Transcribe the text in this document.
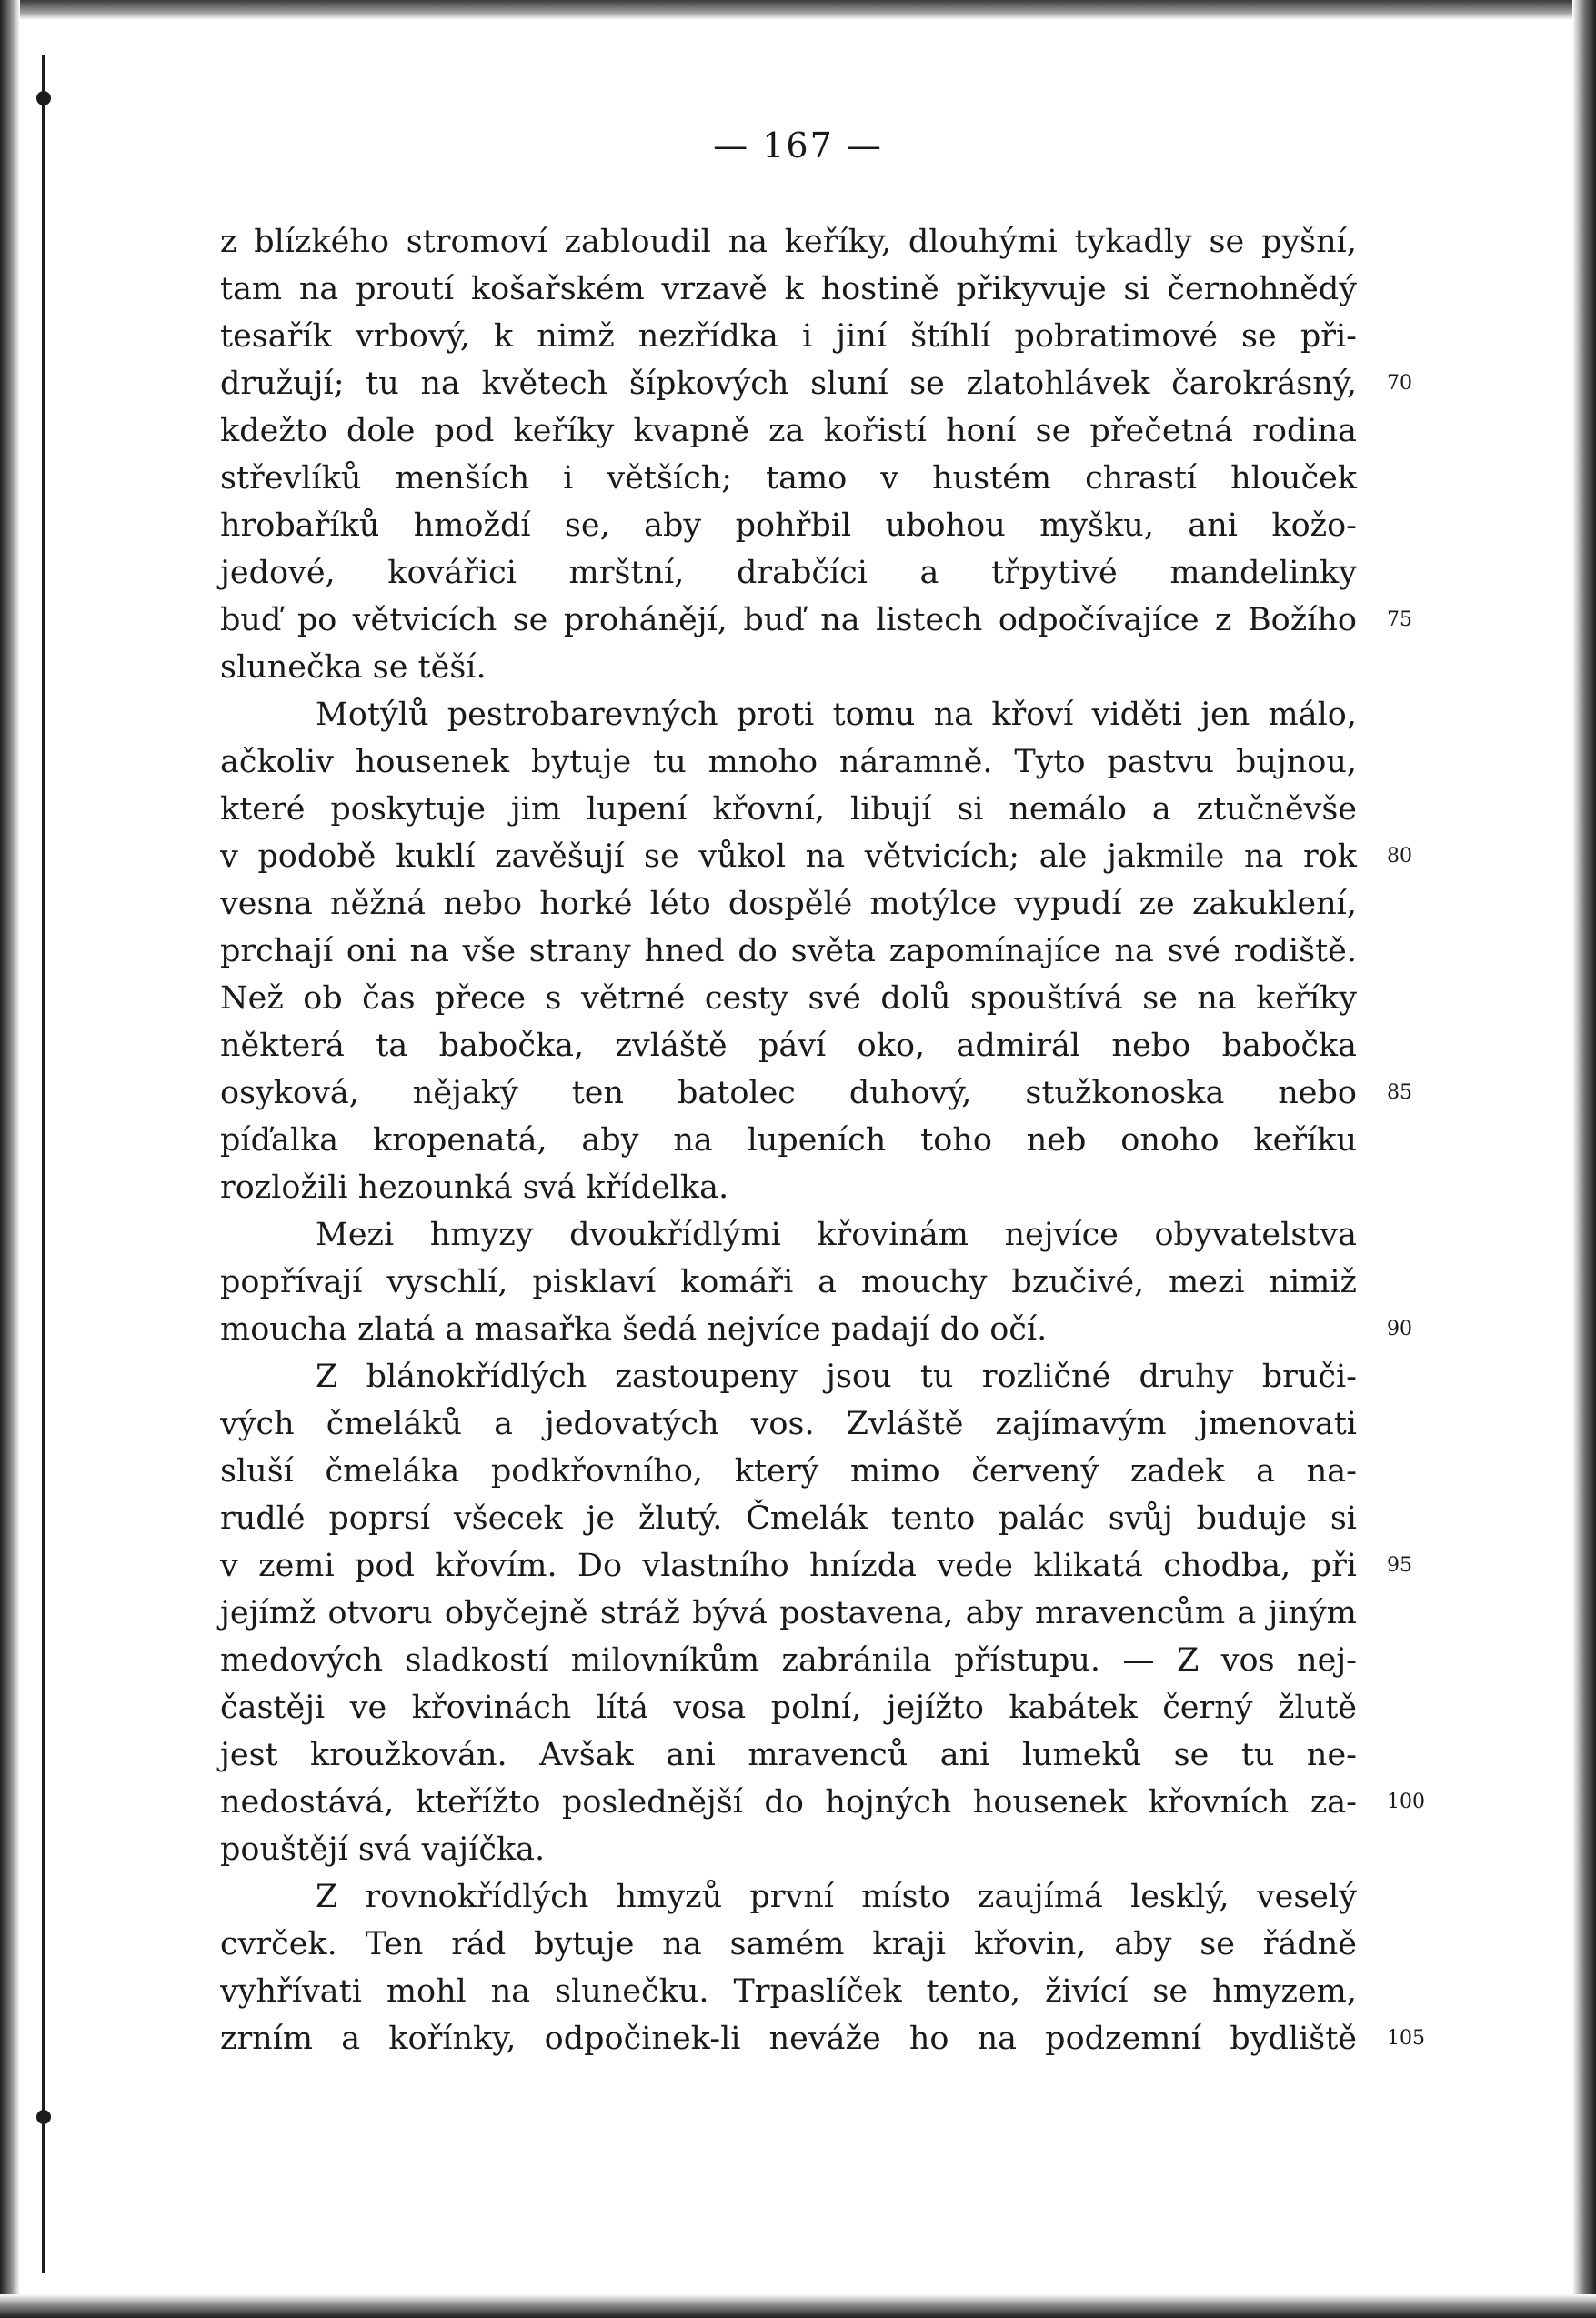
— 167 —
z blízkého stromoví zabloudil na keříky, dlouhými tykadly se pyšní,
tam na proutí košařském vrzavě k hostině přikyvuje si černohnědý
tesařík vrbový, k nimž nezřídka i jiní štíhlí pobratimové se při-
družují; tu na květech šípkových sluní se zlatohlávek čarokrásný,
kdežto dole pod keříky kvapně za kořistí honí se přečetná rodina
střevlíků menších i větších; tamo v hustém chrastí hlouček
hrobaříků hmoždí se, aby pohřbil ubohou myšku, ani kožo-
jedové, kovářici mrštní, drabčíci a třpytivé mandelinky
buď po větvicích se prohánějí, buď na listech odpočívajíce z Božího
slunečka se těší.
Motýlů pestrobarevných proti tomu na křoví viděti jen málo,
ačkoliv housenek bytuje tu mnoho náramně. Tyto pastvu bujnou,
které poskytuje jim lupení křovní, libují si nemálo a ztučněvše
v podobě kuklí zavěšují se vůkol na větvicích; ale jakmile na rok
vesna něžná nebo horké léto dospělé motýlce vypudí ze zakuklení,
prchají oni na vše strany hned do světa zapomínajíce na své rodiště.
Než ob čas přece s větrné cesty své dolů spouštívá se na keříky
některá ta babočka, zvláště páví oko, admirál nebo babočka
osyková, nějaký ten batolec duhový, stužkonoska nebo
píďalka kropenatá, aby na lupeních toho neb onoho keříku
rozložili hezounká svá křídelka.
Mezi hmyzy dvoukřídlými křovinám nejvíce obyvatelstva
popřívají vyschlí, pisklaví komáři a mouchy bzučivé, mezi nimiž
moucha zlatá a masařka šedá nejvíce padají do očí.
Z blánokřídlých zastoupeny jsou tu rozličné druhy bruči-
vých čmeláků a jedovatých vos. Zvláště zajímavým jmenovati
sluší čmeláka podkřovního, který mimo červený zadek a na-
rudlé poprsí všecek je žlutý. Čmelák tento palác svůj buduje si
v zemi pod křovím. Do vlastního hnízda vede klikatá chodba, při
jejímž otvoru obyčejně stráž bývá postavena, aby mravencům a jiným
medových sladkostí milovníkům zabránila přístupu. — Z vos nej-
častěji ve křovinách lítá vosa polní, jejížto kabátek černý žlutě
jest kroužkován. Avšak ani mravenců ani lumeků se tu ne-
nedostává, kteřížto poslednější do hojných housenek křovních za-
pouštějí svá vajíčka.
Z rovnokřídlých hmyzů první místo zaujímá lesklý, veselý
cvrček. Ten rád bytuje na samém kraji křovin, aby se řádně
vyhřívati mohl na slunečku. Trpaslíček tento, živící se hmyzem,
zrním a kořínky, odpočinek-li neváže ho na podzemní bydliště
70
75
80
85
90
95
100
105
